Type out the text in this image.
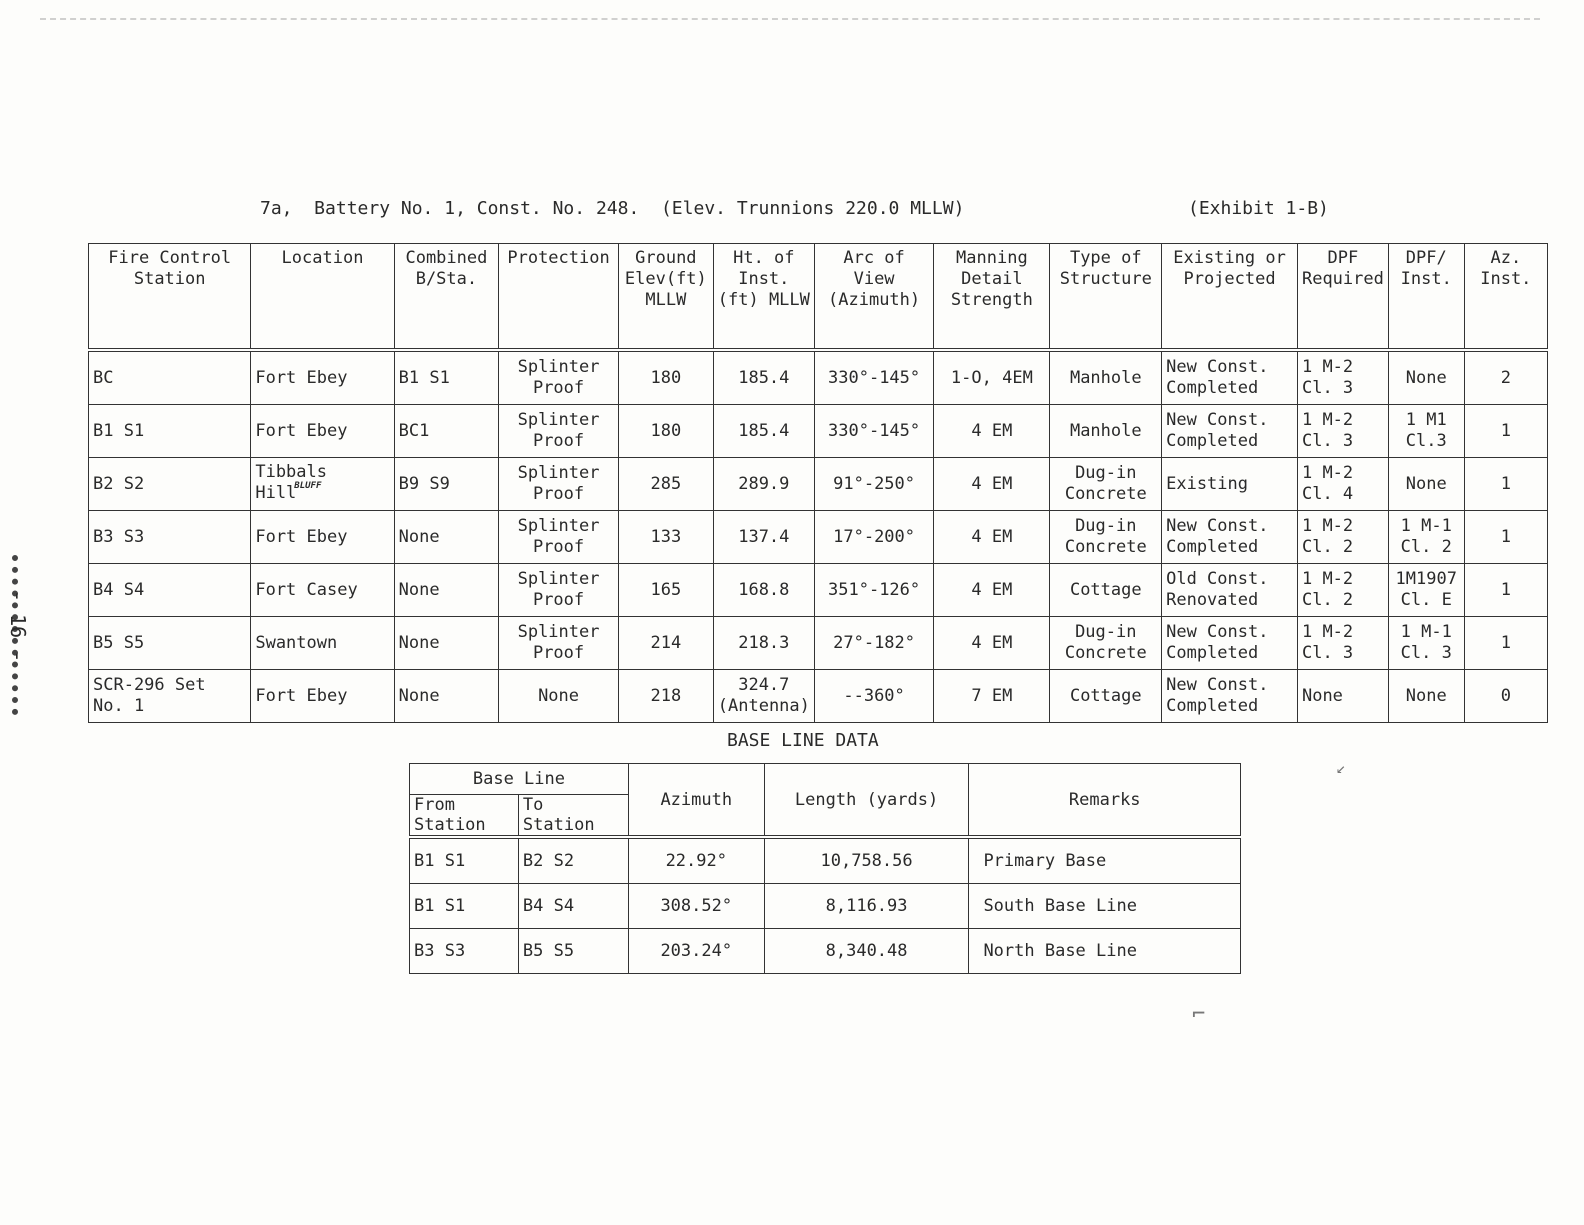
7a,  Battery No. 1, Const. No. 248.  (Elev. Trunnions 220.0 MLLW)	(Exhibit 1-B)
- 16 -
Fire Control Station	Location	Combined B/Sta.	Protection	Ground Elev(ft) MLLW	Ht. of Inst. (ft) MLLW	Arc of View (Azimuth)	Manning Detail Strength	Type of Structure	Existing or Projected	DPF Required	DPF/ Inst.	Az. Inst.
BC	Fort Ebey	B1 S1	Splinter Proof	180	185.4	330°-145°	1-O, 4EM	Manhole	New Const. Completed	1 M-2 Cl. 3	None	2
B1 S1	Fort Ebey	BC1	Splinter Proof	180	185.4	330°-145°	4 EM	Manhole	New Const. Completed	1 M-2 Cl. 3	1 M1 Cl.3	1
B2 S2	Tibbals Hill$^{BLUFF}$	B9 S9	Splinter Proof	285	289.9	91°-250°	4 EM	Dug-in Concrete	Existing	1 M-2 Cl. 4	None	1
B3 S3	Fort Ebey	None	Splinter Proof	133	137.4	17°-200°	4 EM	Dug-in Concrete	New Const. Completed	1 M-2 Cl. 2	1 M-1 Cl. 2	1
B4 S4	Fort Casey	None	Splinter Proof	165	168.8	351°-126°	4 EM	Cottage	Old Const. Renovated	1 M-2 Cl. 2	1M1907 Cl. E	1
B5 S5	Swantown	None	Splinter Proof	214	218.3	27°-182°	4 EM	Dug-in Concrete	New Const. Completed	1 M-2 Cl. 3	1 M-1 Cl. 3	1
SCR-296 Set No. 1	Fort Ebey	None	None	218	324.7 (Antenna)	--360°	7 EM	Cottage	New Const. Completed	None	None	0
BASE LINE DATA
Base Line		Azimuth	Length (yards)	Remarks
From Station	To Station			
B1 S1	B2 S2	22.92°	10,758.56	Primary Base
B1 S1	B4 S4	308.52°	8,116.93	South Base Line
B3 S3	B5 S5	203.24°	8,340.48	North Base Line
↙
⌐
